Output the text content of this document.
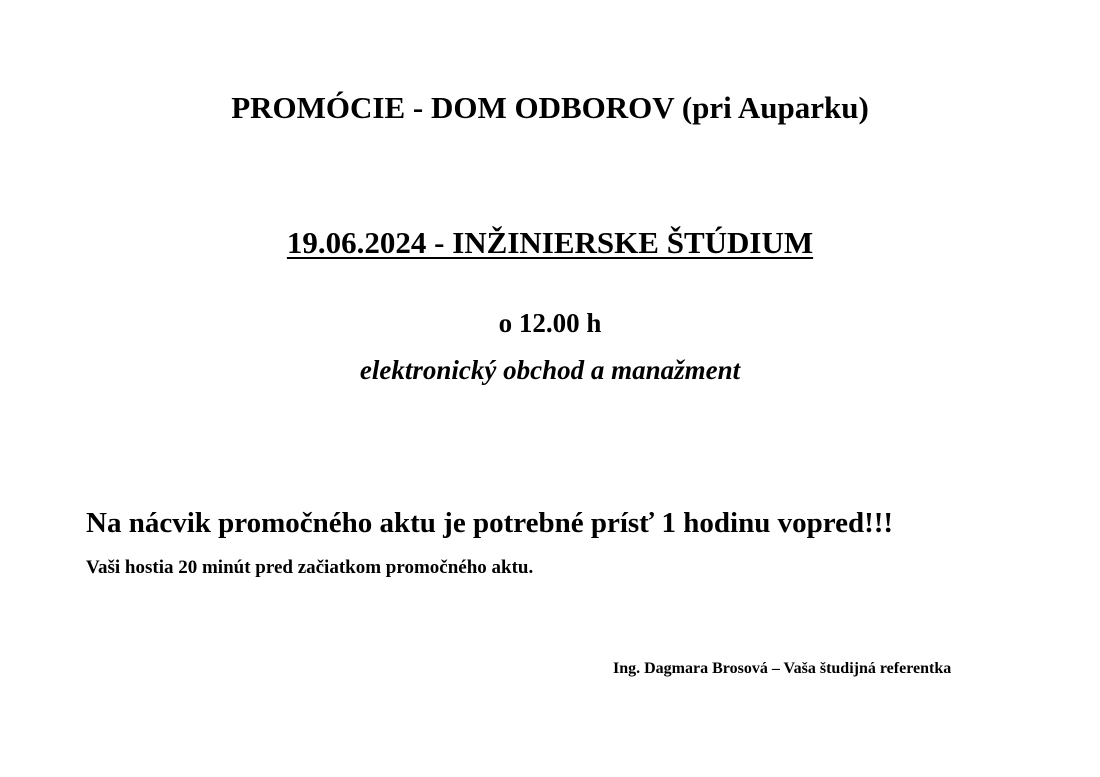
PROMÓCIE - DOM ODBOROV (pri Auparku)
19.06.2024 - INŽINIERSKE ŠTÚDIUM
o 12.00 h
elektronický obchod a manažment
Na nácvik promočného aktu je potrebné prísť 1 hodinu vopred!!!
Vaši hostia 20 minút pred začiatkom promočného aktu.
Ing. Dagmara Brosová – Vaša študijná referentka
